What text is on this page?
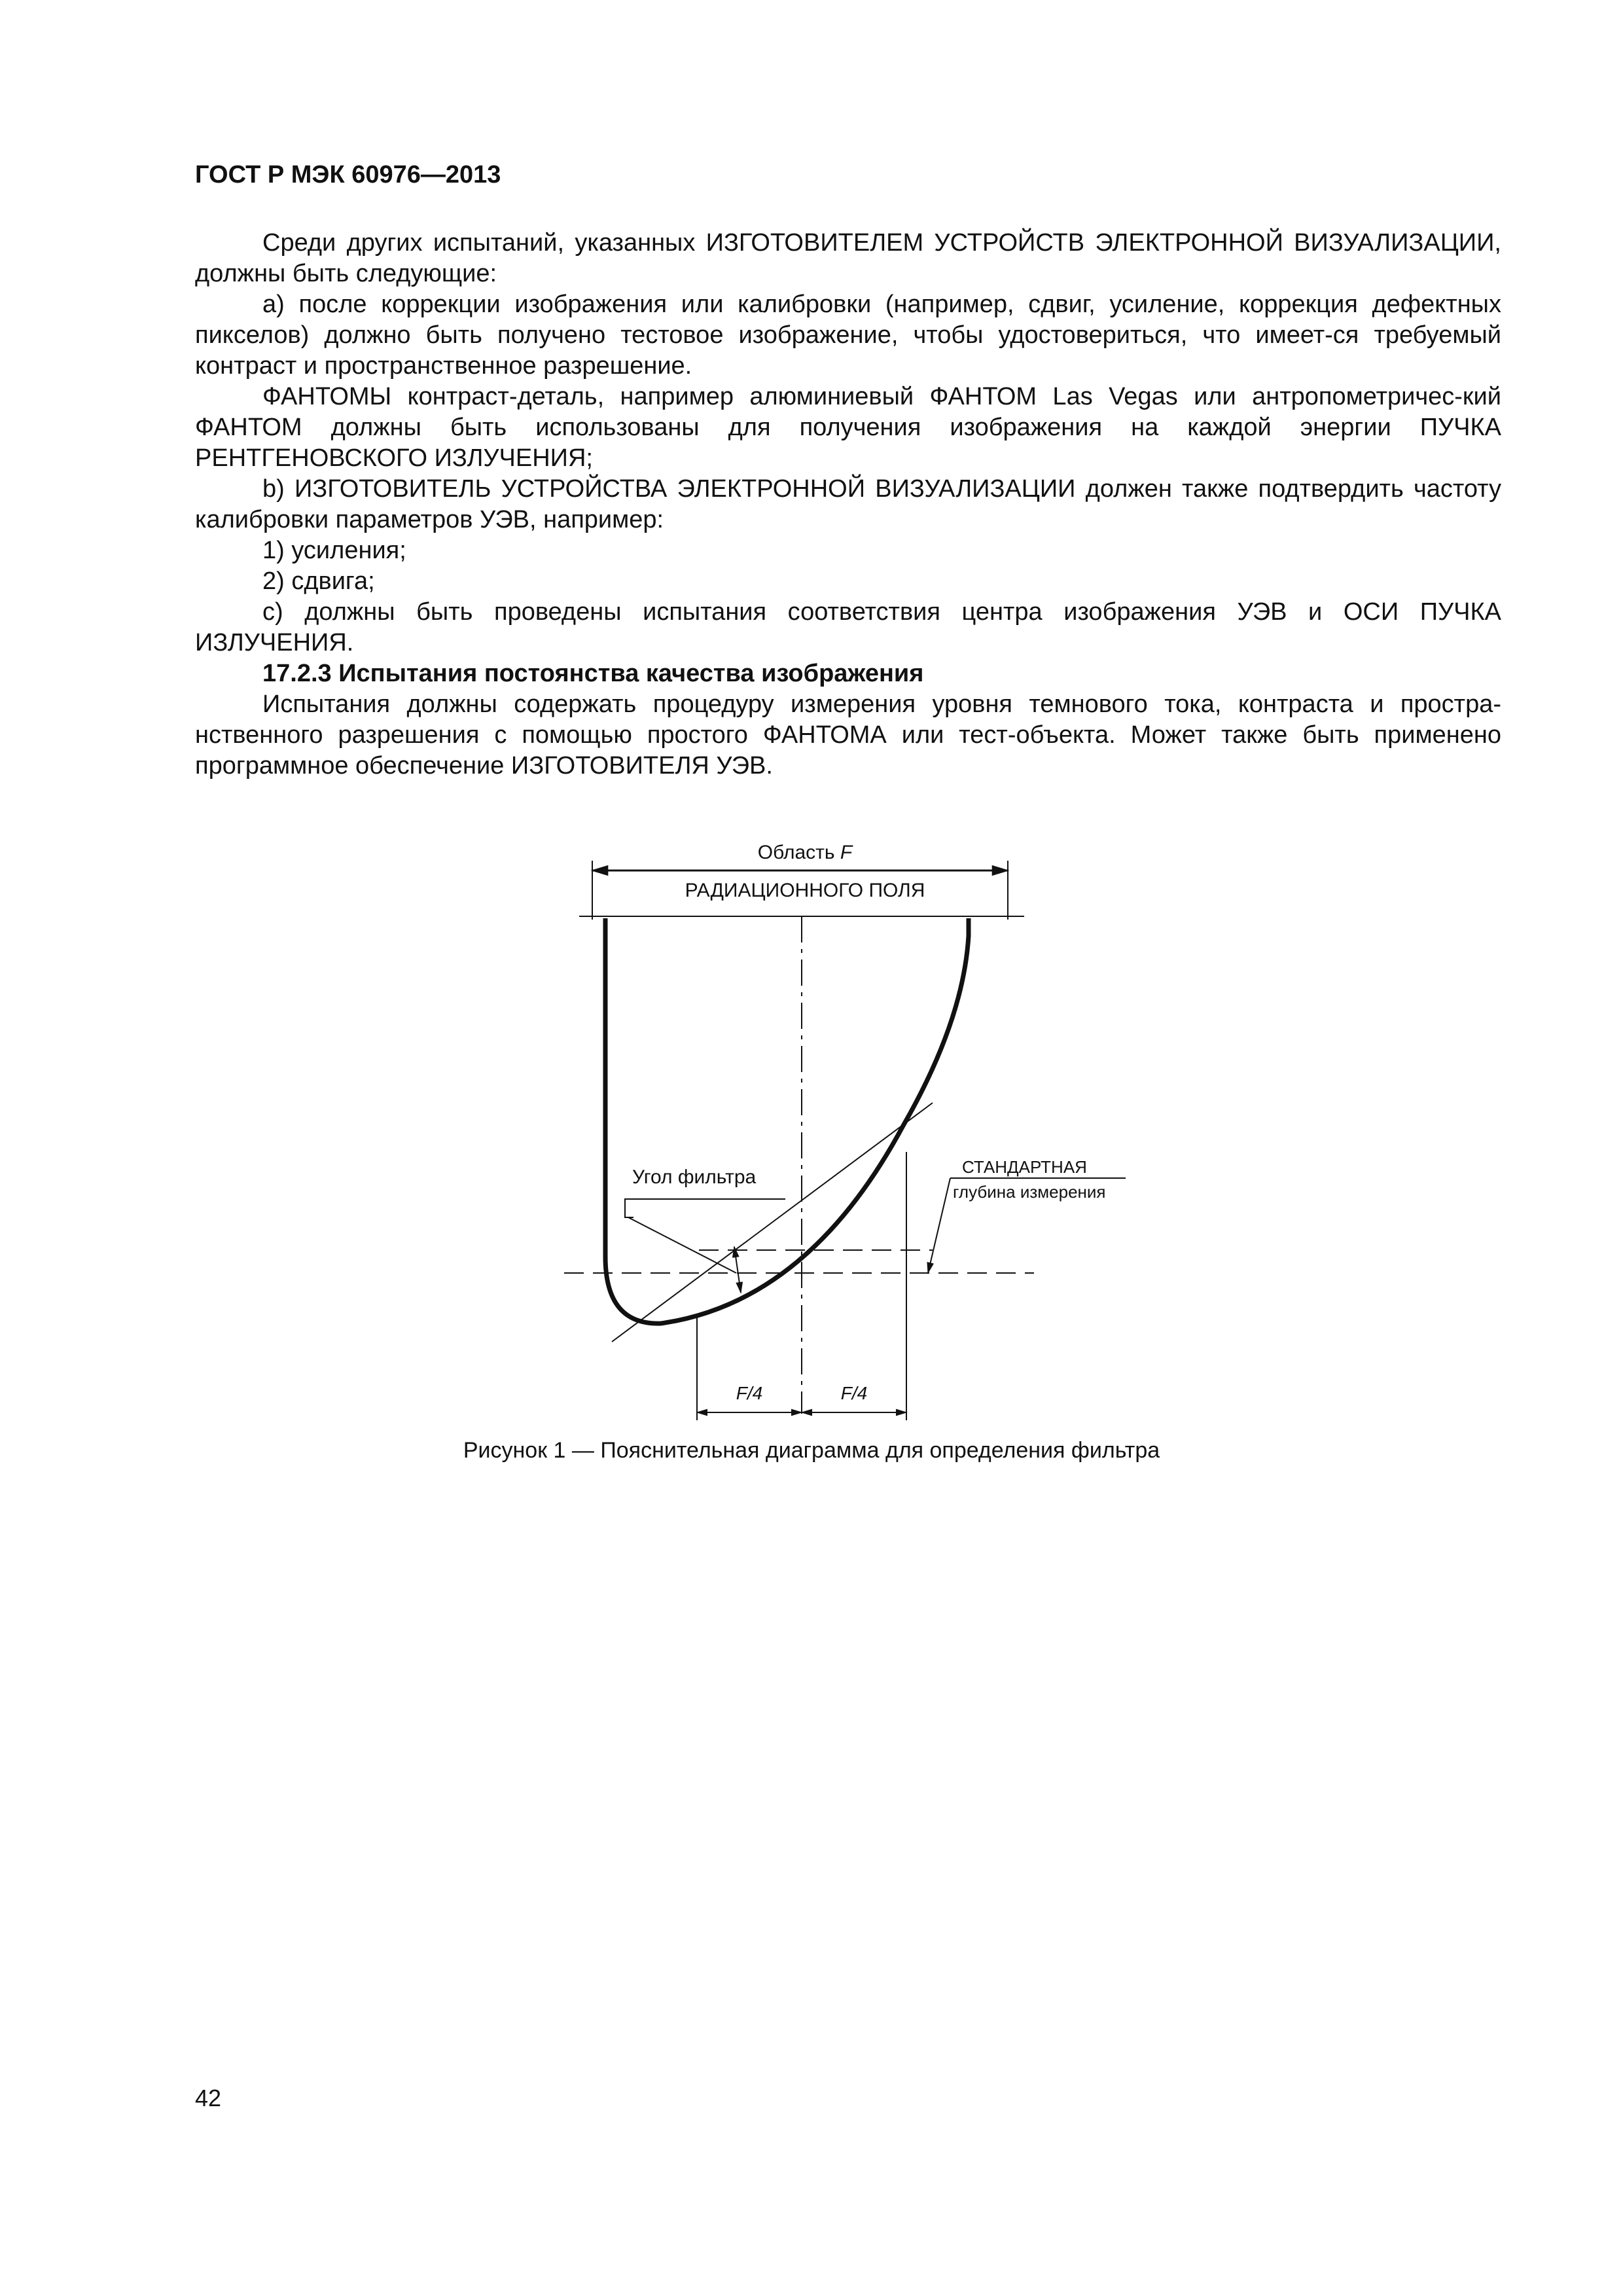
ГОСТ Р МЭК 60976—2013

Среди других испытаний, указанных ИЗГОТОВИТЕЛЕМ УСТРОЙСТВ ЭЛЕКТРОННОЙ ВИЗУАЛИЗАЦИИ, должны быть следующие:

а) после коррекции изображения или калибровки (например, сдвиг, усиление, коррекция дефектных пикселов) должно быть получено тестовое изображение, чтобы удостовериться, что имеет-ся требуемый контраст и пространственное разрешение.

ФАНТОМЫ контраст-деталь, например алюминиевый ФАНТОМ Las Vegas или антропометричес-кий ФАНТОМ должны быть использованы для получения изображения на каждой энергии ПУЧКА РЕНТГЕНОВСКОГО ИЗЛУЧЕНИЯ;

b) ИЗГОТОВИТЕЛЬ УСТРОЙСТВА ЭЛЕКТРОННОЙ ВИЗУАЛИЗАЦИИ должен также подтвердить частоту калибровки параметров УЭВ, например:

1) усиления;

2) сдвига;

с) должны быть проведены испытания соответствия центра изображения УЭВ и ОСИ ПУЧКА ИЗЛУЧЕНИЯ.

17.2.3 Испытания постоянства качества изображения

Испытания должны содержать процедуру измерения уровня темнового тока, контраста и простра-нственного разрешения с помощью простого ФАНТОМА или тест-объекта. Может также быть применено программное обеспечение ИЗГОТОВИТЕЛЯ УЭВ.

Область F
РАДИАЦИОННОГО ПОЛЯ
F/4	F/4
Угол фильтра	СТАНДАРТНАЯ
глубина измерения
Рисунок 1 — Пояснительная диаграмма для определения фильтра
42
